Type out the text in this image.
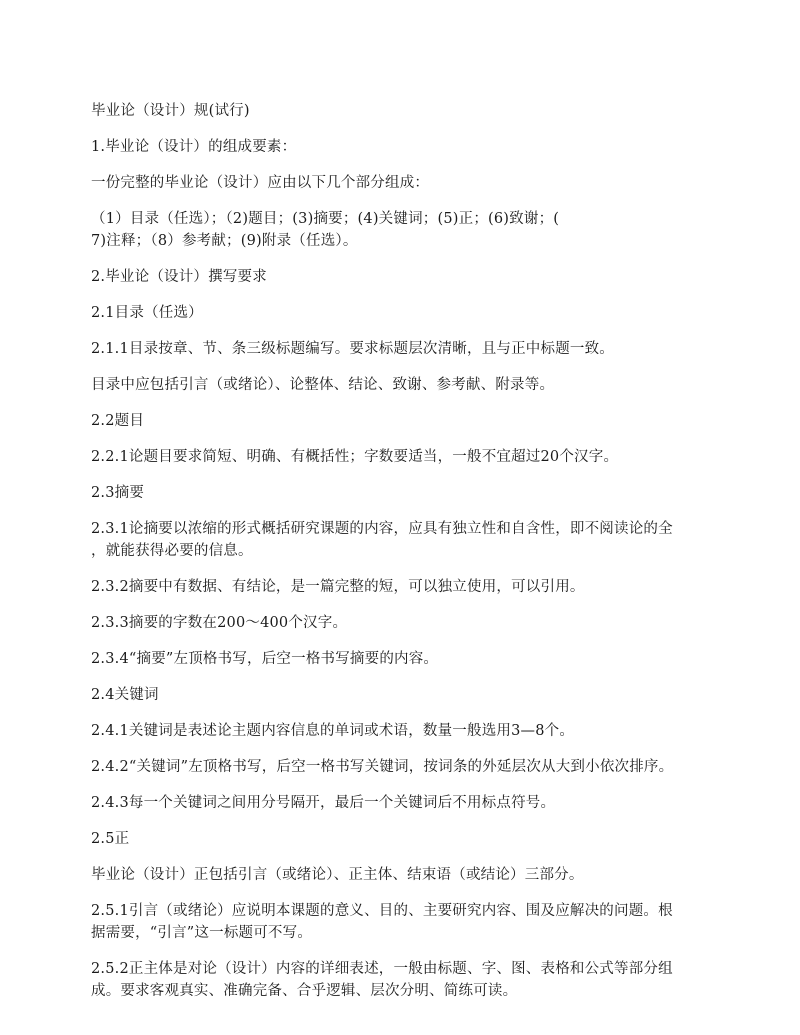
毕业论（设计）规(试行)

1.毕业论（设计）的组成要素：

一份完整的毕业论（设计）应由以下几个部分组成：

（1）目录（任选）；（2)题目；(3)摘要；(4)关键词；(5)正；(6)致谢；(
7)注释；（8）参考献；(9)附录（任选）。

2.毕业论（设计）撰写要求

2.1目录（任选）

2.1.1目录按章、节、条三级标题编写。要求标题层次清晰，且与正中标题一致。

目录中应包括引言（或绪论）、论整体、结论、致谢、参考献、附录等。

2.2题目

2.2.1论题目要求简短、明确、有概括性；字数要适当，一般不宜超过20个汉字。

2.3摘要

2.3.1论摘要以浓缩的形式概括研究课题的内容，应具有独立性和自含性，即不阅读论的全
，就能获得必要的信息。

2.3.2摘要中有数据、有结论，是一篇完整的短，可以独立使用，可以引用。

2.3.3摘要的字数在200～400个汉字。

2.3.4“摘要”左顶格书写，后空一格书写摘要的内容。

2.4关键词

2.4.1关键词是表述论主题内容信息的单词或术语，数量一般选用3—8个。

2.4.2“关键词”左顶格书写，后空一格书写关键词，按词条的外延层次从大到小依次排序。

2.4.3每一个关键词之间用分号隔开，最后一个关键词后不用标点符号。

2.5正

毕业论（设计）正包括引言（或绪论）、正主体、结束语（或结论）三部分。

2.5.1引言（或绪论）应说明本课题的意义、目的、主要研究内容、围及应解决的问题。根
据需要，“引言”这一标题可不写。
2.5.2正主体是对论（设计）内容的详细表述，一般由标题、字、图、表格和公式等部分组
成。要求客观真实、准确完备、合乎逻辑、层次分明、简练可读。
